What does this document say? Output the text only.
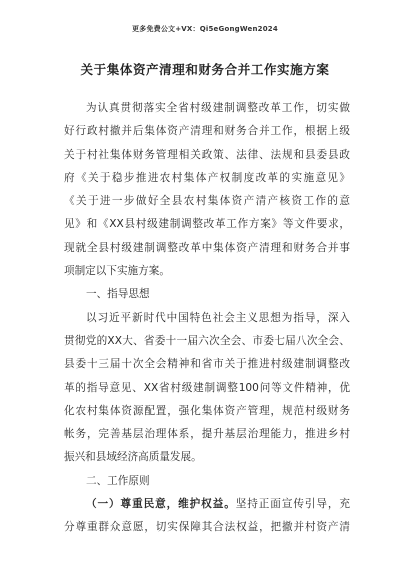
更多免费公文+VX：Qi5eGongWen2024
关于集体资产清理和财务合并工作实施方案
为认真贯彻落实全省村级建制调整改革工作，切实做
好行政村撤并后集体资产清理和财务合并工作，根据上级
关于村社集体财务管理相关政策、法律、法规和县委县政
府《关于稳步推进农村集体产权制度改革的实施意见》
《关于进一步做好全县农村集体资产清产核资工作的意
见》和《XX县村级建制调整改革工作方案》等文件要求，
现就全县村级建制调整改革中集体资产清理和财务合并事
项制定以下实施方案。
一、指导思想
以习近平新时代中国特色社会主义思想为指导，深入
贯彻党的XX大、省委十一届六次全会、市委七届八次全会、
县委十三届十次全会精神和省市关于推进村级建制调整改
革的指导意见、XX省村级建制调整100问等文件精神，优
化农村集体资源配置，强化集体资产管理，规范村级财务
帐务，完善基层治理体系，提升基层治理能力，推进乡村
振兴和县域经济高质量发展。
二、工作原则
（一）尊重民意，维护权益。坚持正面宣传引导，充
分尊重群众意愿，切实保障其合法权益，把撤并村资产清
